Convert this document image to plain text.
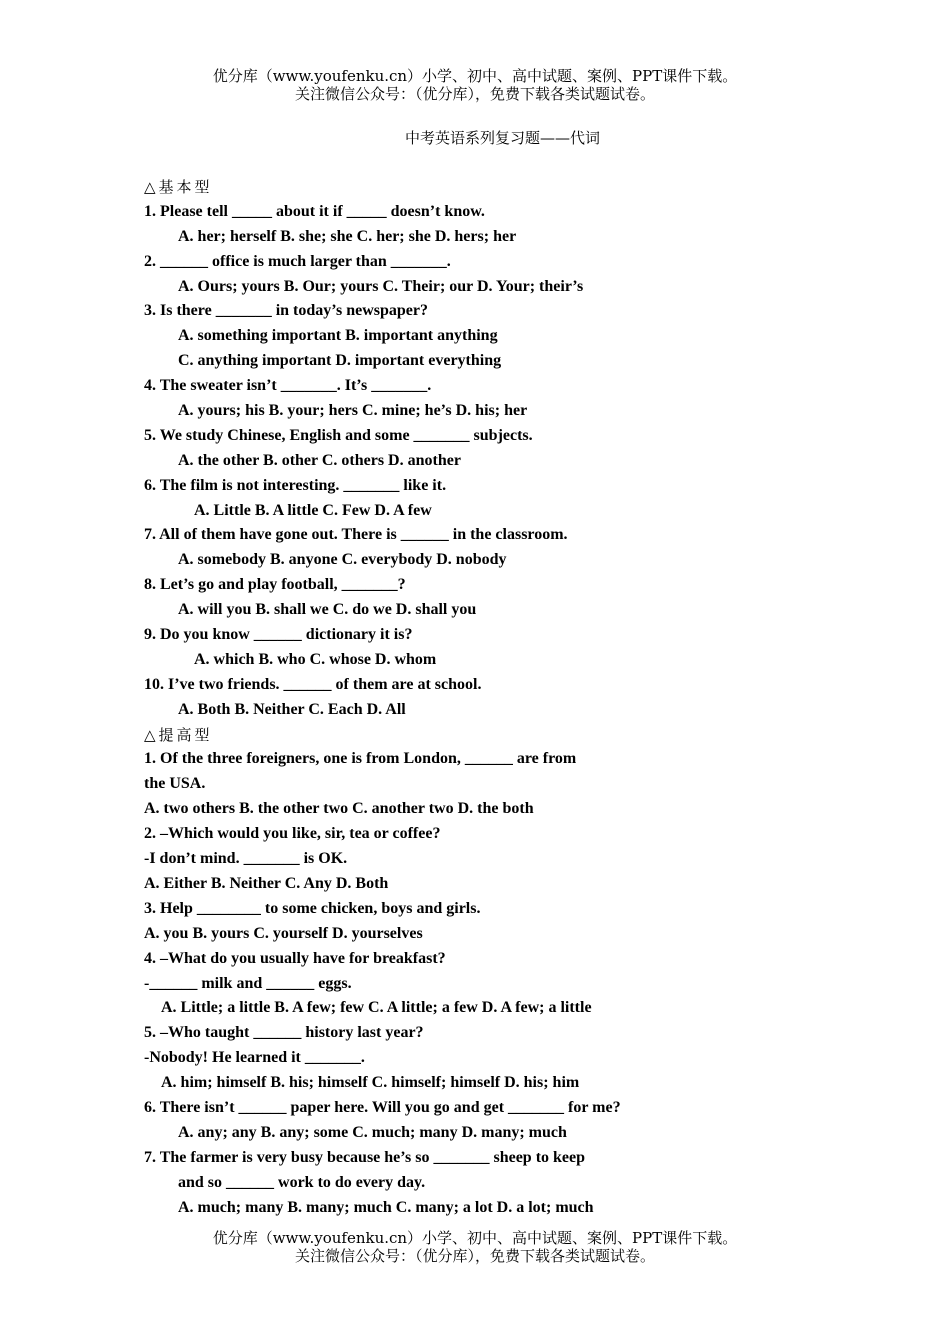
优分库（www.youfenku.cn）小学、初中、高中试题、案例、PPT课件下载。
关注微信公众号：（优分库），免费下载各类试题试卷。
中考英语系列复习题——代词
△基本型
1. Please tell _____ about it if _____ doesn’t know.
A. her; herself B. she; she C. her; she D. hers; her
2. ______ office is much larger than _______.
A. Ours; yours B. Our; yours C. Their; our D. Your; their’s
3. Is there _______ in today’s newspaper?
A. something important B. important anything
C. anything important D. important everything
4. The sweater isn’t _______. It’s _______.
A. yours; his B. your; hers C. mine; he’s D. his; her
5. We study Chinese, English and some _______ subjects.
A. the other B. other C. others D. another
6. The film is not interesting. _______ like it.
A. Little B. A little C. Few D. A few
7. All of them have gone out. There is ______ in the classroom.
A. somebody B. anyone C. everybody D. nobody
8. Let’s go and play football, _______?
A. will you B. shall we C. do we D. shall you
9. Do you know ______ dictionary it is?
A. which B. who C. whose D. whom
10. I’ve two friends. ______ of them are at school.
A. Both B. Neither C. Each D. All
△提高型
1. Of the three foreigners, one is from London, ______ are from
the USA.
A. two others B. the other two C. another two D. the both
2. –Which would you like, sir, tea or coffee?
-I don’t mind. _______ is OK.
A. Either B. Neither C. Any D. Both
3. Help ________ to some chicken, boys and girls.
A. you B. yours C. yourself D. yourselves
4. –What do you usually have for breakfast?
-______ milk and ______ eggs.
A. Little; a little B. A few; few C. A little; a few D. A few; a little
5. –Who taught ______ history last year?
-Nobody! He learned it _______.
A. him; himself B. his; himself C. himself; himself D. his; him
6. There isn’t ______ paper here. Will you go and get _______ for me?
A. any; any B. any; some C. much; many D. many; much
7. The farmer is very busy because he’s so _______ sheep to keep
and so ______ work to do every day.
A. much; many B. many; much C. many; a lot D. a lot; much
优分库（www.youfenku.cn）小学、初中、高中试题、案例、PPT课件下载。
关注微信公众号：（优分库），免费下载各类试题试卷。
